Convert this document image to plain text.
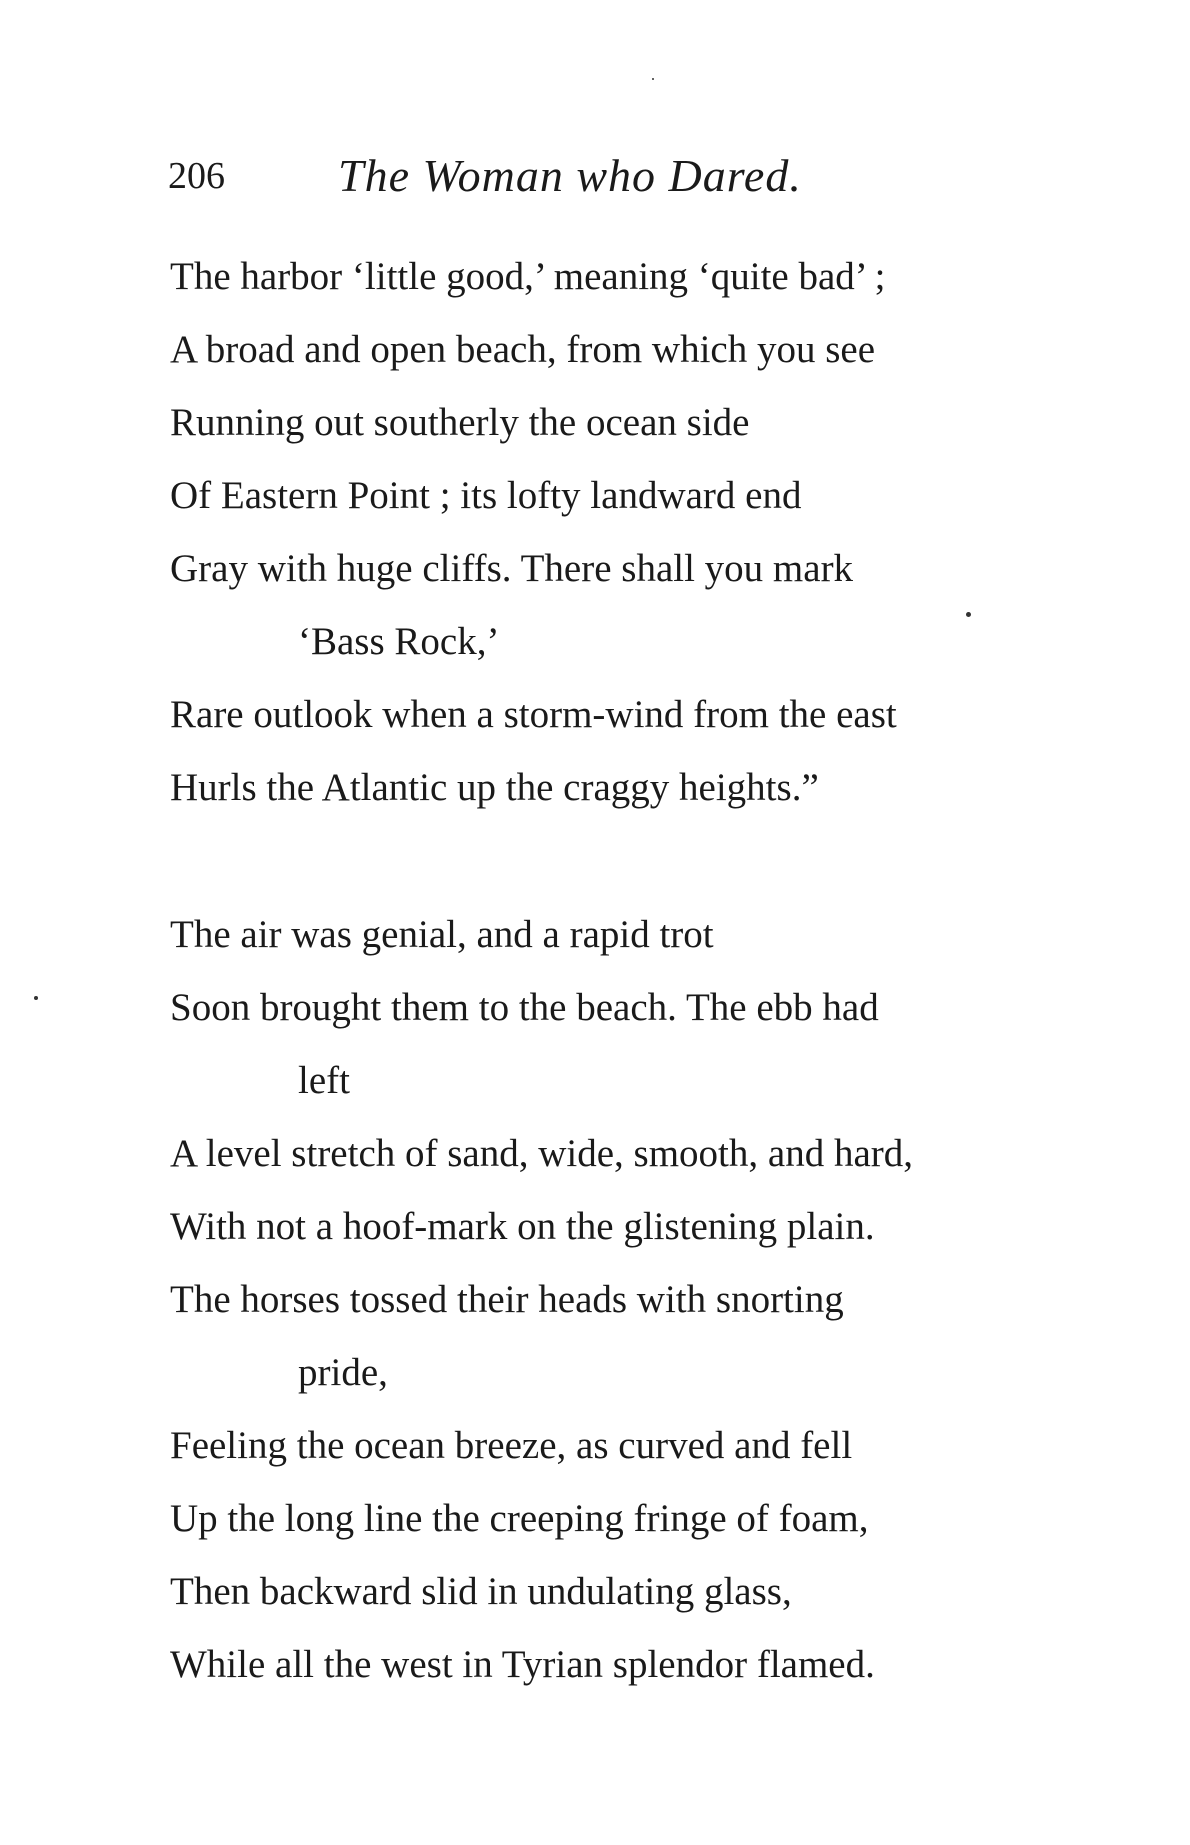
206 The Woman who Dared.
The harbor ‘little good,’ meaning ‘quite bad’ ;
A broad and open beach, from which you see
Running out southerly the ocean side
Of Eastern Point ; its lofty landward end
Gray with huge cliffs. There shall you mark
‘Bass Rock,’
Rare outlook when a storm-wind from the east
Hurls the Atlantic up the craggy heights.”
The air was genial, and a rapid trot
Soon brought them to the beach. The ebb had
left
A level stretch of sand, wide, smooth, and hard,
With not a hoof-mark on the glistening plain.
The horses tossed their heads with snorting
pride,
Feeling the ocean breeze, as curved and fell
Up the long line the creeping fringe of foam,
Then backward slid in undulating glass,
While all the west in Tyrian splendor flamed.
